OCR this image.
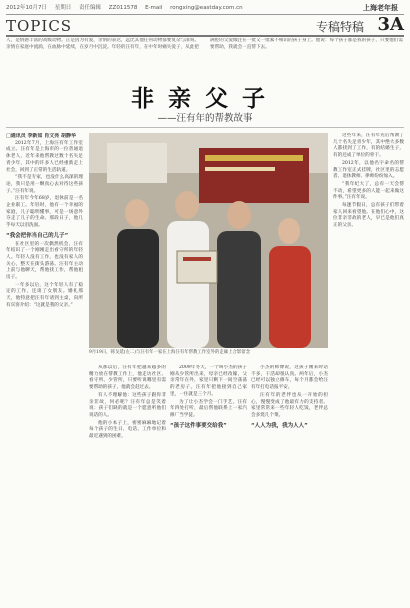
2012年10月7日 星期日 责任编辑 ZZ011578 E-mail rongxing@eastday.com.cn	上海老年报
TOPICS	专稿特稿 3A

人，是情感丰富的高级动物。正是因为有爱，亲情的表达，远比其他任何动物都要复杂与深刻。亲情在家庭中流淌，在血脉中延续，在岁月中沉淀。年轻的汪有年，在中年时痛失爱子，从此把满腔的父爱倾注在一批又一批素不相识的孩子身上。他说：每个孩子都是我的孩子，只要他们需要帮助，我就会一直帮下去。

非亲父子
——汪有年的帮教故事
□通讯员 李新如 肖文亮 胡静华

2012年7月，上海汪有年工作室成立。汪有年是上海市的一位普通退休老人，近年来他帮教过数十名失足青少年，其中的许多人已经重新走上社会，回到了正常的生活轨道。

“我不是专家，也没什么高深的理论，我只是用一颗真心去对待这些孩子。”汪有年说。

汪有年今年68岁，退休前是一名企业职工。年轻时，他有一个幸福的家庭，儿子聪明懂事，可是一场意外夺走了儿子的生命。那段日子，他几乎每天以泪洗面。

“我会把你当自己的儿子”

在社区里的一次偶然机会，汪有年结识了一个刚刚走出看守所的年轻人。年轻人没有工作，也没有家人的关心，整天在街头游荡。汪有年主动上前与他聊天，帮他找工作，帮他租房子。

一年多以后，这个年轻人有了稳定的工作，还谈了女朋友。婚礼那天，他特意把汪有年请到主桌，向所有宾客介绍：“这就是我的父亲。”

9月19日，韩戈延(左二)与汪有年一家在上海汪有年帮教工作室外的走廊上合影留念

从那以后，汪有年把越来越多的精力放在帮教工作上，他走访社区、看守所、少管所，只要听说哪里有需要帮助的孩子，他就会赶过去。

有人不理解他：这些孩子跟你非亲非故，何必呢？汪有年总是笑着说：孩子们缺的就是一个愿意听他们说话的人。

他的小本子上，密密麻麻地记着每个孩子的生日、电话、工作单位和最近遇到的困难。

2009年冬天，一个叫小杰的孩子刚从少管所出来，母亲已经改嫁，父亲常年在外，家里只剩下一间空荡荡的老房子。汪有年把他接到自己家里，一住就是三个月。

为了让小杰学会一门手艺，汪有年四处打听，最后帮他联系上一家汽修厂当学徒。

“孩子这件事要交给我”

小杰的师傅说，这孩子刚来时话不多，干活却很认真。两年后，小杰已经可以独立修车，每个月都会给汪有年打电话报平安。

汪有年的老伴也从一开始的担心，慢慢变成了他最有力的支持者。家里常常来一些年轻人吃饭，老伴总会多烧几个菜。

“人人为我，我为人人”

这些年来，汪有年先后帮教了几十名失足青少年，其中绝大多数人都找到了工作，有的结婚生子，有的还成了单位的骨干。

2012年，以他名字命名的帮教工作室正式挂牌，社区里的志愿者、退休教师、律师纷纷加入。

“我年纪大了，总有一天会帮不动，希望更多的人能一起来做这件事。”汪有年说。

每逢节假日，总有孩子们带着家人回来看望他。在他们心中，这位非亲非故的老人，早已是他们真正的父亲。
